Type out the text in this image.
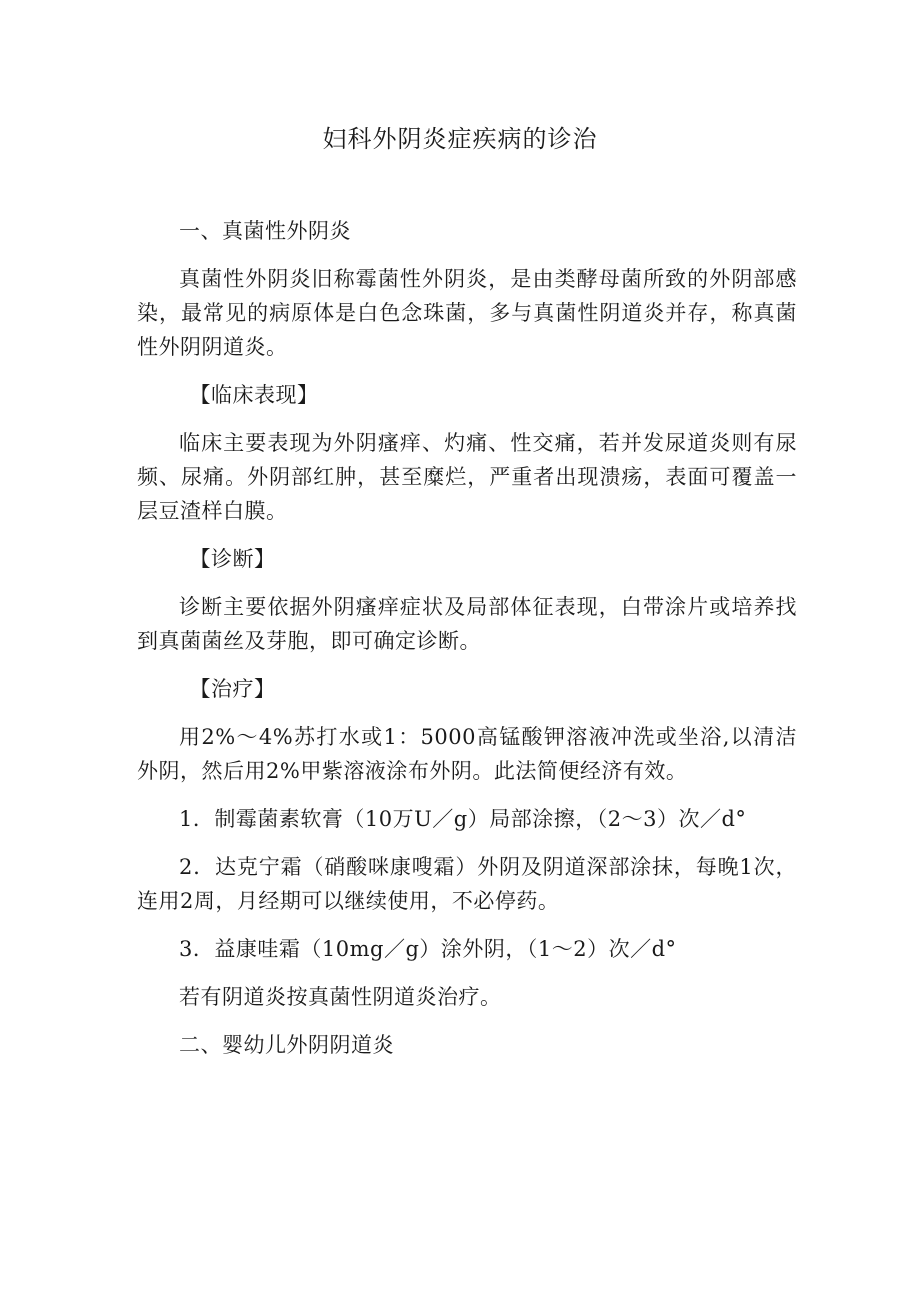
妇科外阴炎症疾病的诊治

一、真菌性外阴炎

真菌性外阴炎旧称霉菌性外阴炎，是由类酵母菌所致的外阴部感染，最常见的病原体是白色念珠菌，多与真菌性阴道炎并存，称真菌性外阴阴道炎。

【临床表现】

临床主要表现为外阴瘙痒、灼痛、性交痛，若并发尿道炎则有尿频、尿痛。外阴部红肿，甚至糜烂，严重者出现溃疡，表面可覆盖一层豆渣样白膜。

【诊断】

诊断主要依据外阴瘙痒症状及局部体征表现，白带涂片或培养找到真菌菌丝及芽胞，即可确定诊断。

【治疗】

用2%～4%苏打水或1：5000高锰酸钾溶液冲洗或坐浴,以清洁外阴，然后用2%甲紫溶液涂布外阴。此法简便经济有效。

1．制霉菌素软膏（10万U／g）局部涂擦，（2～3）次／d°

2．达克宁霜（硝酸咪康嗖霜）外阴及阴道深部涂抹，每晚1次，连用2周，月经期可以继续使用，不必停药。

3．益康哇霜（10mg／g）涂外阴，（1～2）次／d°

若有阴道炎按真菌性阴道炎治疗。

二、婴幼儿外阴阴道炎
